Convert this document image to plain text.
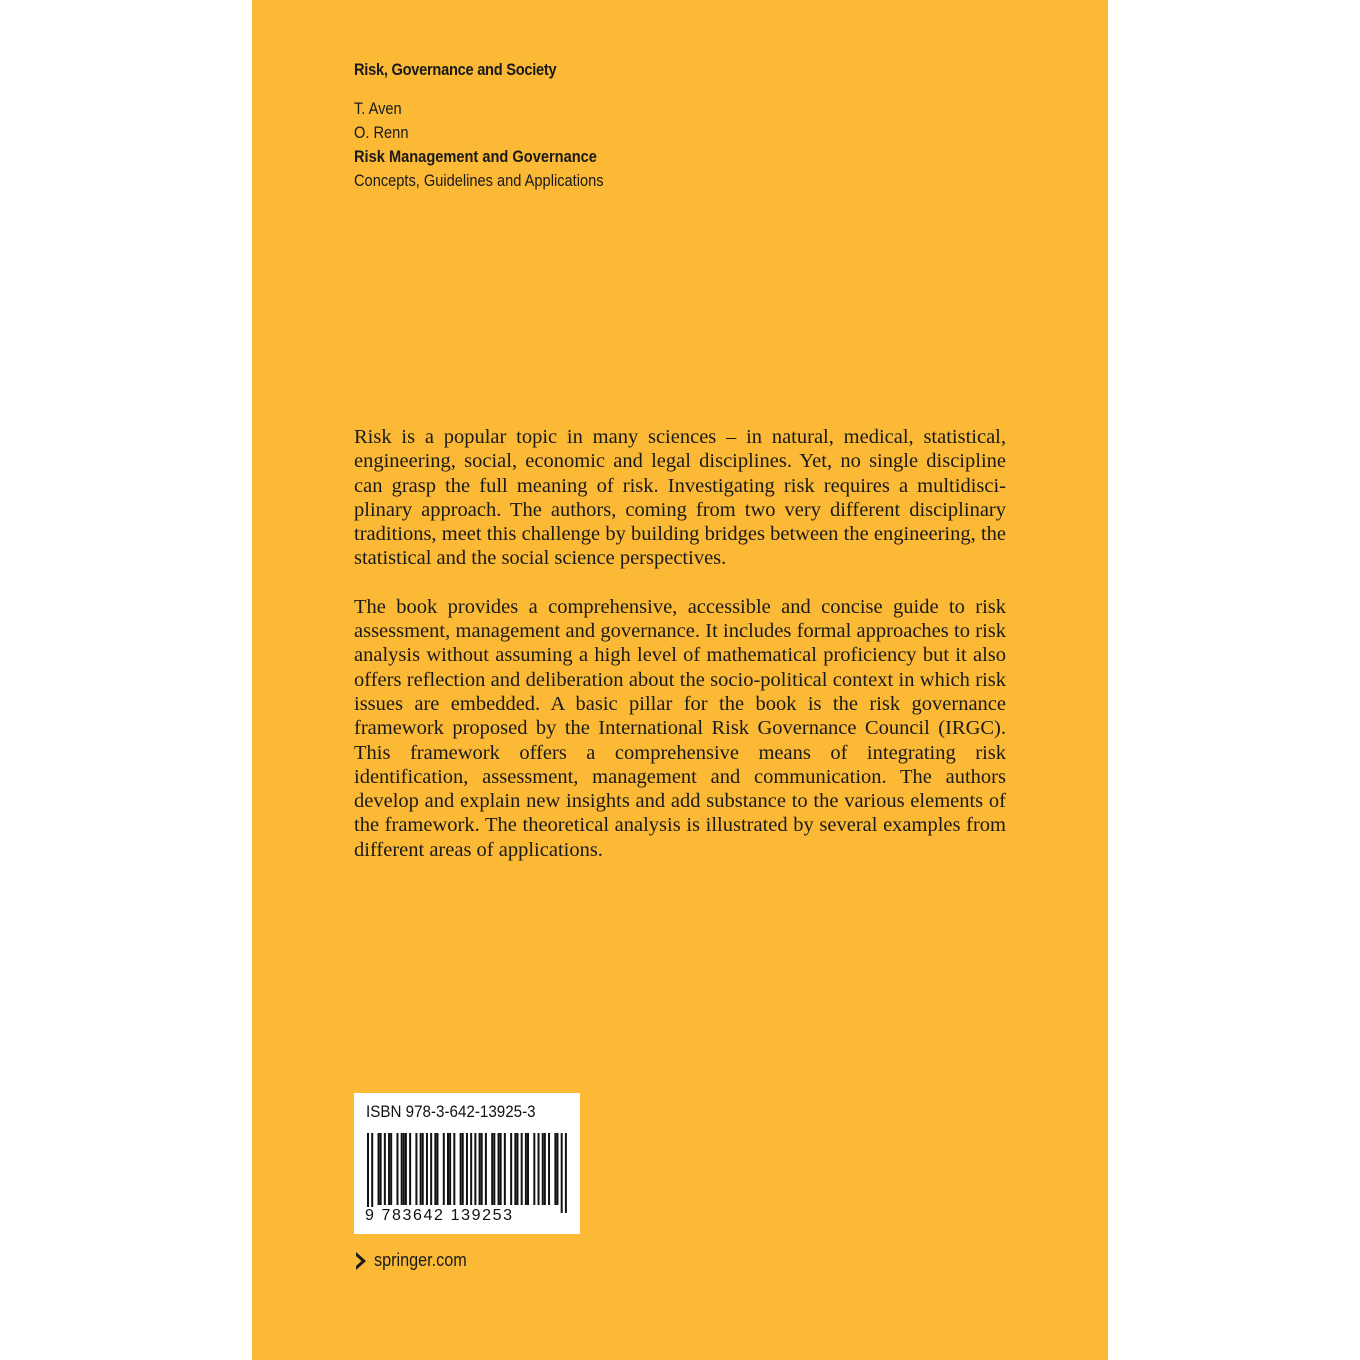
Risk, Governance and Society
T. Aven
O. Renn
Risk Management and Governance
Concepts, Guidelines and Applications

Risk is a popular topic in many sciences – in natural, medical, statistical, engineering, social, economic and legal disciplines. Yet, no single discipline can grasp the full meaning of risk. Investigating risk requires a multidisciplinary approach. The authors, coming from two very different disciplinary traditions, meet this challenge by building bridges between the engineering, the statistical and the social science perspectives.

The book provides a comprehensive, accessible and concise guide to risk assessment, management and governance. It includes formal approaches to risk analysis without assuming a high level of mathematical proficiency but it also offers reflection and deliberation about the socio-political context in which risk issues are embedded. A basic pillar for the book is the risk governance framework proposed by the International Risk Governance Council (IRGC). This framework offers a comprehensive means of integrating risk identification, assessment, management and communication. The authors develop and explain new insights and add substance to the various elements of the framework. The theoretical analysis is illustrated by several examples from different areas of applications.

ISBN 978-3-642-13925-3
9 783642 139253
springer.com
